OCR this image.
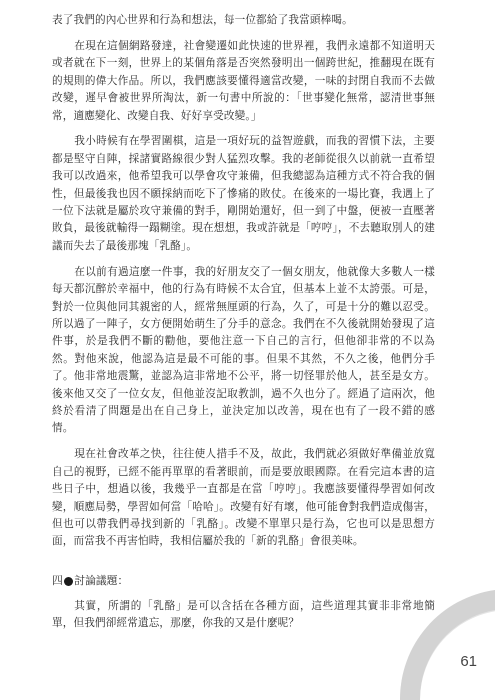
表了我們的內心世界和行為和想法，每一位都給了我當頭棒喝。

在現在這個網路發達，社會變遷如此快速的世界裡，我們永遠都不知道明天或者就在下一刻，世界上的某個角落是否突然發明出一個跨世紀，推翻現在既有的規則的偉大作品。所以，我們應該要懂得適當改變，一味的封閉自我而不去做改變，遲早會被世界所淘汰，新一句書中所說的：「世事變化無常，認清世事無常，適應變化、改變自我、好好享受改變。」

我小時候有在學習圍棋，這是一項好玩的益智遊戲，而我的習慣下法，主要都是堅守自陣，採諸實路線很少對人猛烈攻擊。我的老師從很久以前就一直希望我可以改過來，他希望我可以學會攻守兼備，但我總認為這種方式不符合我的個性，但最後我也因不願採納而吃下了慘痛的敗仗。在後來的一場比賽，我遇上了一位下法就是屬於攻守兼備的對手，剛開始還好，但一到了中盤，便被一直壓著敗負，最後就輸得一蹋糊塗。現在想想，我或許就是「哼哼」，不去聽取別人的建議而失去了最後那塊「乳酪」。

在以前有過這麼一件事，我的好朋友交了一個女朋友，他就像大多數人一樣每天都沉醉於幸福中，他的行為有時候不太合宜，但基本上並不太誇張。可是，對於一位與他同其親密的人，經常無厘頭的行為，久了，可是十分的難以忍受。所以過了一陣子，女方便開始萌生了分手的意念。我們在不久後就開始發現了這件事，於是我們不斷的勸他，要他注意一下自己的言行，但他卻非常的不以為然。對他來說，他認為這是最不可能的事。但果不其然，不久之後，他們分手了。他非常地震驚，並認為這非常地不公平，將一切怪罪於他人，甚至是女方。後來他又交了一位女友，但他並沒記取教訓，過不久也分了。經過了這兩次，他終於看清了問題是出在自己身上，並決定加以改善，現在也有了一段不錯的感情。

現在社會改革之快，往往使人措手不及，故此，我們就必須做好準備並放寬自己的視野，已經不能再單單的看著眼前，而是要放眼國際。在看完這本書的這些日子中，想過以後，我幾乎一直都是在當「哼哼」。我應該要懂得學習如何改變，順應局勢，學習如何當「哈哈」。改變有好有壞，他可能會對我們造成傷害，但也可以帶我們尋找到新的「乳酪」。改變不單單只是行為，它也可以是思想方面，而當我不再害怕時，我相信屬於我的「新的乳酪」會很美味。

四 討論議題：
其實，所謂的「乳酪」是可以含括在各種方面，這些道理其實非非常地簡單，但我們卻經常遺忘，那麼，你我的又是什麼呢？
61
